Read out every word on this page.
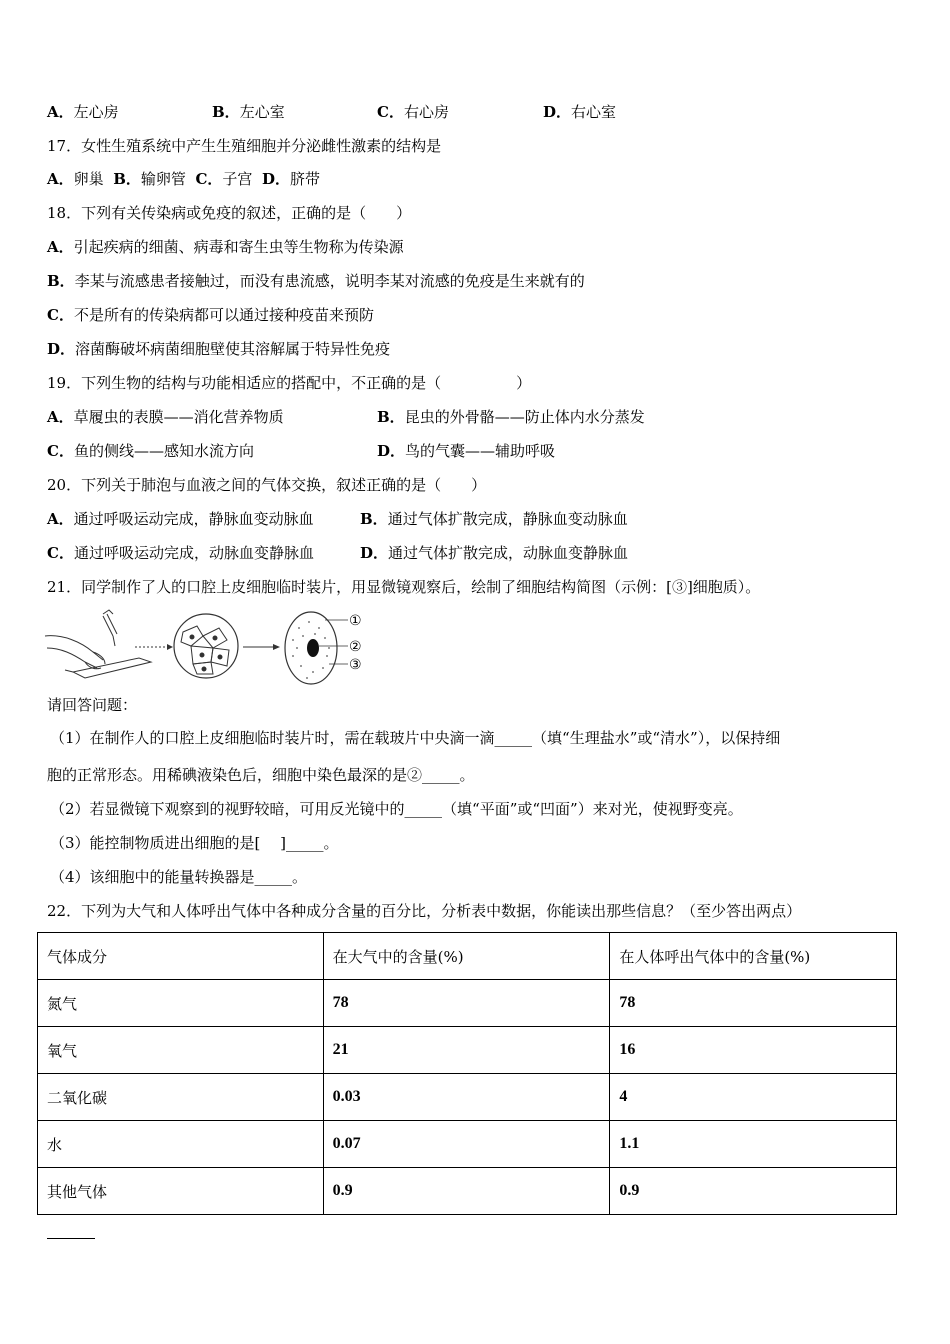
A．左心房	B．左心室	C．右心房	D．右心室
17．女性生殖系统中产生生殖细胞并分泌雌性激素的结构是
A．卵巢 B．输卵管 C．子宫 D．脐带
18．下列有关传染病或免疫的叙述，正确的是（　　）
A．引起疾病的细菌、病毒和寄生虫等生物称为传染源
B．李某与流感患者接触过，而没有患流感，说明李某对流感的免疫是生来就有的
C．不是所有的传染病都可以通过接种疫苗来预防
D．溶菌酶破坏病菌细胞壁使其溶解属于特异性免疫
19．下列生物的结构与功能相适应的搭配中，不正确的是（　　　　　）
A．草履虫的表膜——消化营养物质	B．昆虫的外骨骼——防止体内水分蒸发
C．鱼的侧线——感知水流方向	D．鸟的气囊——辅助呼吸
20．下列关于肺泡与血液之间的气体交换，叙述正确的是（　　）
A．通过呼吸运动完成，静脉血变动脉血	B．通过气体扩散完成，静脉血变动脉血
C．通过呼吸运动完成，动脉血变静脉血	D．通过气体扩散完成，动脉血变静脉血
21．同学制作了人的口腔上皮细胞临时装片，用显微镜观察后，绘制了细胞结构简图（示例：[③]细胞质）。
①
②
③
请回答问题：
（1）在制作人的口腔上皮细胞临时装片时，需在载玻片中央滴一滴_____（填“生理盐水”或“清水”），以保持细
胞的正常形态。用稀碘液染色后，细胞中染色最深的是②_____。
（2）若显微镜下观察到的视野较暗，可用反光镜中的_____（填“平面”或“凹面”）来对光，使视野变亮。
（3）能控制物质进出细胞的是[　 ]_____。
（4）该细胞中的能量转换器是_____。
22．下列为大气和人体呼出气体中各种成分含量的百分比，分析表中数据，你能读出那些信息？（至少答出两点）
气体成分	在大气中的含量(%)	在人体呼出气体中的含量(%)
氮气	78	78
氧气	21	16
二氧化碳	0.03	4
水	0.07	1.1
其他气体	0.9	0.9
